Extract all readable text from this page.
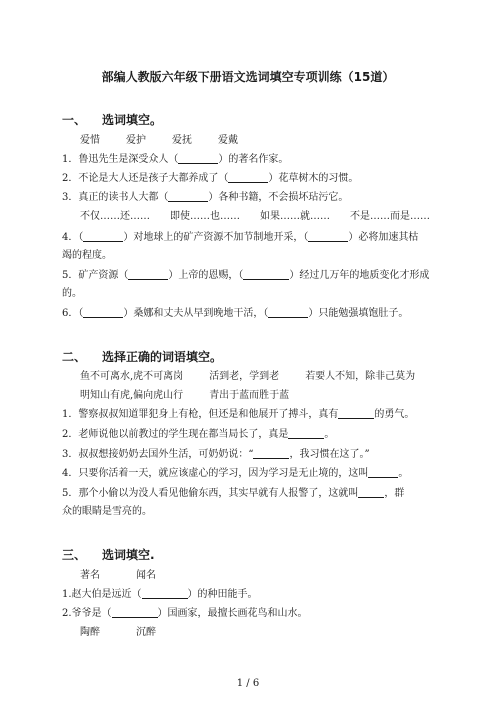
部编人教版六年级下册语文选词填空专项训练（15道）
一、 选词填空。
爱惜	爱护	爱抚	爱戴
1．鲁迅先生是深受众人（	）的著名作家。
2．不论是大人还是孩子大都养成了（	）花草树木的习惯。
3．真正的读书人大都（	）各种书籍，不会损坏玷污它。
不仅……还…… 即使……也…… 如果……就…… 不是……而是……
4．（	）对地球上的矿产资源不加节制地开采，（	）必将加速其枯
竭的程度。
5．矿产资源（	）上帝的恩赐，（	）经过几万年的地质变化才形成
的。
6．（	）桑娜和丈夫从早到晚地干活，（	）只能勉强填饱肚子。
二、 选择正确的词语填空。
鱼不可离水,虎不可离岗	活到老，学到老	若要人不知，除非己莫为
明知山有虎,偏向虎山行	青出于蓝而胜于蓝
1．警察叔叔知道罪犯身上有枪，但还是和他展开了搏斗，真有	的勇气。
2．老师说他以前教过的学生现在都当局长了，真是	。
3．叔叔想接奶奶去国外生活，可奶奶说：“	，我习惯在这了。”
4．只要你活着一天，就应该虚心的学习，因为学习是无止境的，这叫	。
5．那个小偷以为没人看见他偷东西，其实早就有人报警了，这就叫	，群
众的眼睛是雪亮的。
三、 选词填空.
著名	闻名
1.赵大伯是远近（	）的种田能手。
2.爷爷是（	）国画家，最擅长画花鸟和山水。
陶醉	沉醉
1 / 6
